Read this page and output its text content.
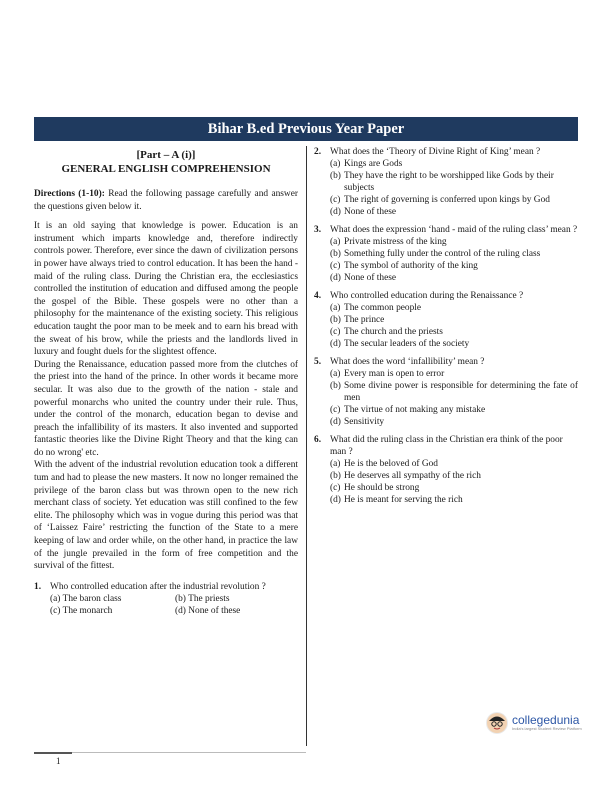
Bihar B.ed Previous Year Paper
[Part – A (i)]
GENERAL ENGLISH COMPREHENSION

Directions (1-10): Read the following passage carefully and answer the questions given below it.

It is an old saying that knowledge is power. Education is an instrument which imparts knowledge and, therefore indirectly controls power. Therefore, ever since the dawn of civilization persons in power have always tried to control education. It has been the hand - maid of the ruling class. During the Christian era, the ecclesiastics controlled the institution of education and diffused among the people the gospel of the Bible. These gospels were no other than a philosophy for the maintenance of the existing society. This religious education taught the poor man to be meek and to earn his bread with the sweat of his brow, while the priests and the landlords lived in luxury and fought duels for the slightest offence.

During the Renaissance, education passed more from the clutches of the priest into the hand of the prince. In other words it became more secular. It was also due to the growth of the nation - stale and powerful monarchs who united the country under their rule. Thus, under the control of the monarch, education began to devise and preach the infallibility of its masters. It also invented and supported fantastic theories like the Divine Right Theory and that the king can do no wrong' etc.

With the advent of the industrial revolution education took a different tum and had to please the new masters. It now no longer remained the privilege of the baron class but was thrown open to the new rich merchant class of society. Yet education was still confined to the few elite. The philosophy which was in vogue during this period was that of ‘Laissez Faire’ restricting the function of the State to a mere keeping of law and order while, on the other hand, in practice the law of the jungle prevailed in the form of free competition and the survival of the fittest.

1. Who controlled education after the industrial revolution ?
(a) The baron class	(b) The priests
(c) The monarch	(d) None of these
2. What does the ‘Theory of Divine Right of King’ mean ?
(a) Kings are Gods
(b) They have the right to be worshipped like Gods by their subjects
(c) The right of governing is conferred upon kings by God
(d) None of these
3. What does the expression ‘hand - maid of the ruling class’ mean ?
(a) Private mistress of the king
(b) Something fully under the control of the ruling class
(c) The symbol of authority of the king
(d) None of these
4. Who controlled education during the Renaissance ?
(a) The common people
(b) The prince
(c) The church and the priests
(d) The secular leaders of the society
5. What does the word ‘infallibility’ mean ?
(a) Every man is open to error
(b) Some divine power is responsible for determining the fate of men
(c) The virtue of not making any mistake
(d) Sensitivity
6. What did the ruling class in the Christian era think of the poor man ?
(a) He is the beloved of God
(b) He deserves all sympathy of the rich
(c) He should be strong
(d) He is meant for serving the rich
collegedunia
India's largest Student Review Platform
1
